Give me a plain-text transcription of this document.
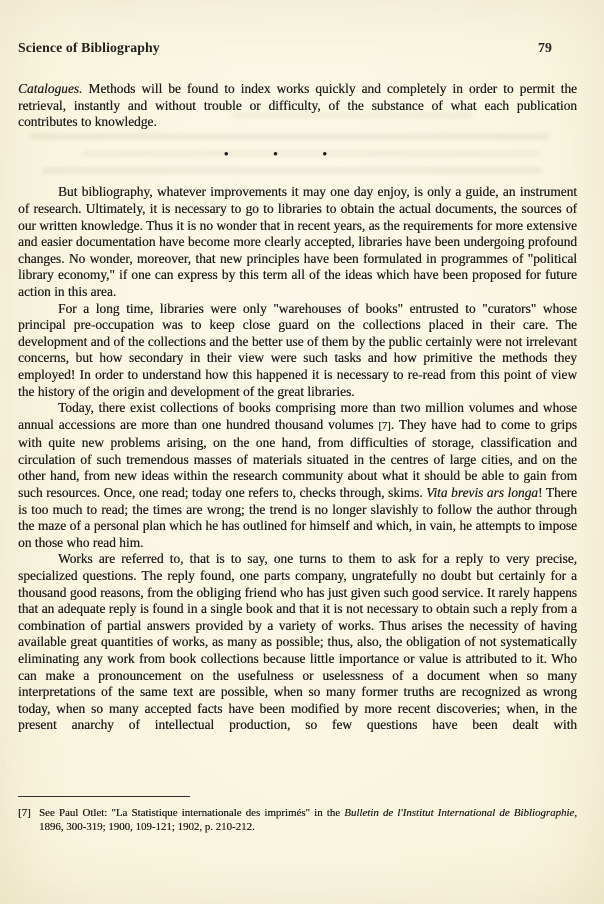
Science of Bibliography	79

Catalogues. Methods will be found to index works quickly and completely in order to permit the retrieval, instantly and without trouble or difficulty, of the substance of what each publication contributes to knowledge.

•	•	•

But bibliography, whatever improvements it may one day enjoy, is only a guide, an instrument of research. Ultimately, it is necessary to go to libraries to obtain the actual documents, the sources of our written knowledge. Thus it is no wonder that in recent years, as the requirements for more extensive and easier documentation have become more clearly accepted, libraries have been undergoing profound changes. No wonder, moreover, that new principles have been formulated in programmes of "political library economy," if one can express by this term all of the ideas which have been proposed for future action in this area.

For a long time, libraries were only "warehouses of books" entrusted to "curators" whose principal pre-occupation was to keep close guard on the collections placed in their care. The development and of the collections and the better use of them by the public certainly were not irrelevant concerns, but how secondary in their view were such tasks and how primitive the methods they employed! In order to understand how this happened it is necessary to re-read from this point of view the history of the origin and development of the great libraries.

Today, there exist collections of books comprising more than two million volumes and whose annual accessions are more than one hundred thousand volumes [7]. They have had to come to grips with quite new problems arising, on the one hand, from difficulties of storage, classification and circulation of such tremendous masses of materials situated in the centres of large cities, and on the other hand, from new ideas within the research community about what it should be able to gain from such resources. Once, one read; today one refers to, checks through, skims. Vita brevis ars longa! There is too much to read; the times are wrong; the trend is no longer slavishly to follow the author through the maze of a personal plan which he has outlined for himself and which, in vain, he attempts to impose on those who read him.

Works are referred to, that is to say, one turns to them to ask for a reply to very precise, specialized questions. The reply found, one parts company, ungratefully no doubt but certainly for a thousand good reasons, from the obliging friend who has just given such good service. It rarely happens that an adequate reply is found in a single book and that it is not necessary to obtain such a reply from a combination of partial answers provided by a variety of works. Thus arises the necessity of having available great quantities of works, as many as possible; thus, also, the obligation of not systematically eliminating any work from book collections because little importance or value is attributed to it. Who can make a pronouncement on the usefulness or uselessness of a document when so many interpretations of the same text are possible, when so many former truths are recognized as wrong today, when so many accepted facts have been modified by more recent discoveries; when, in the present anarchy of intellectual production, so few questions have been dealt with

[7] See Paul Otlet: "La Statistique internationale des imprimés" in the Bulletin de l'Institut International de Bibliographie, 1896, 300-319; 1900, 109-121; 1902, p. 210-212.
